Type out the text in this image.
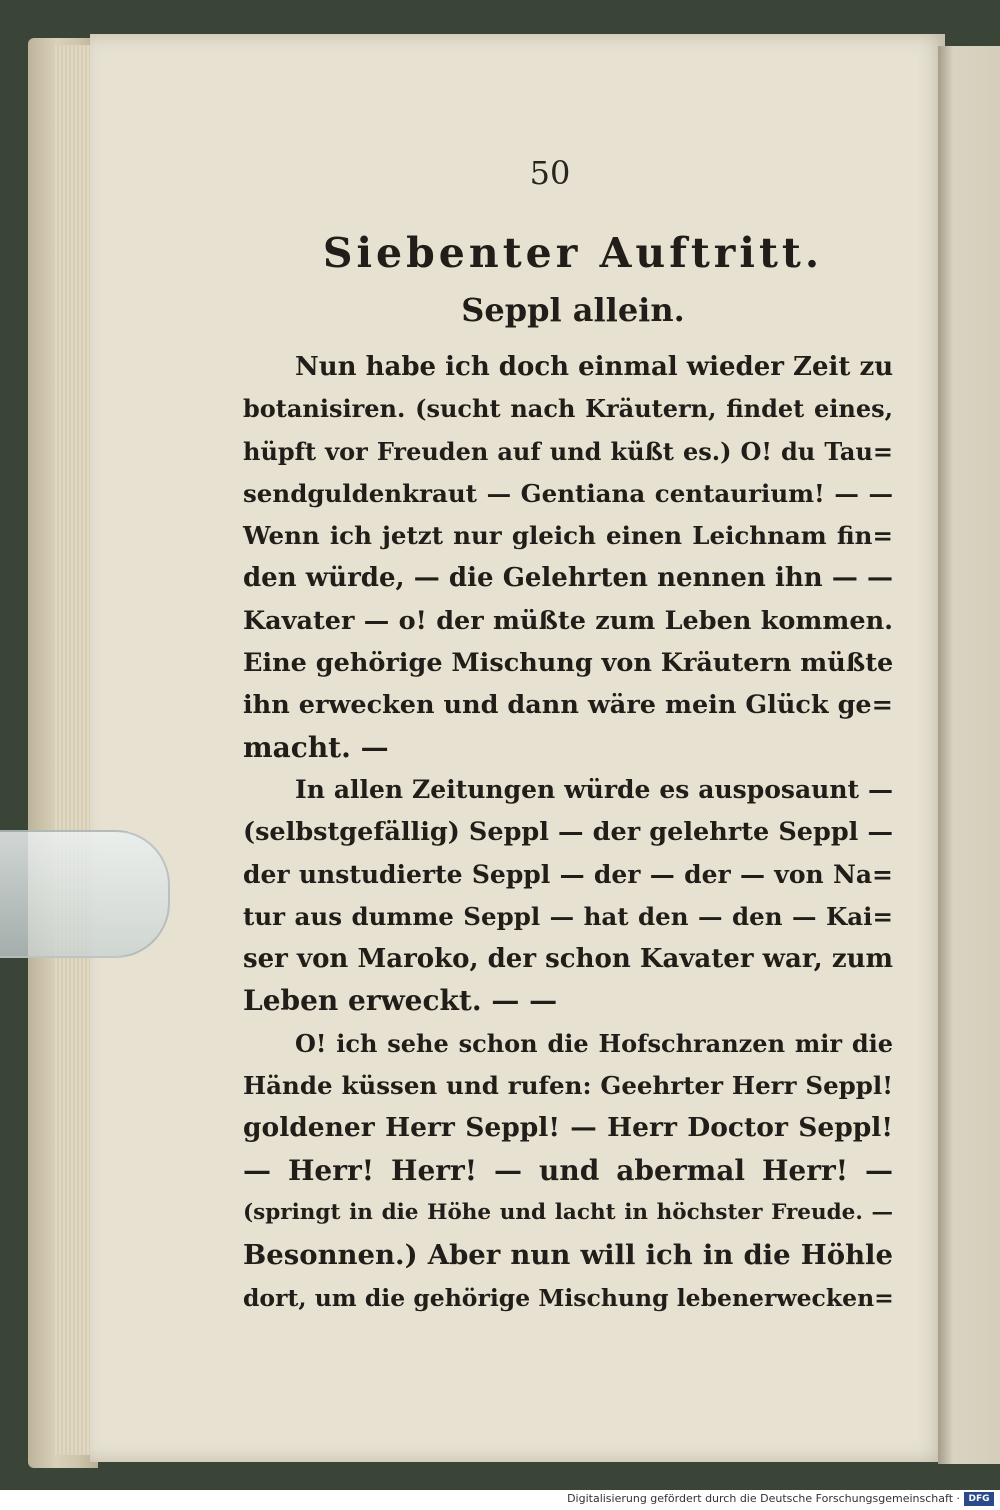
50
Siebenter Auftritt.
Seppl allein.
Nun habe ich doch einmal wieder Zeit zu
botanisiren. (sucht nach Kräutern, findet eines,
hüpft vor Freuden auf und küßt es.) O! du Tau=
sendguldenkraut — Gentiana centaurium! — —
Wenn ich jetzt nur gleich einen Leichnam fin=
den würde, — die Gelehrten nennen ihn — —
Kavater — o! der müßte zum Leben kommen.
Eine gehörige Mischung von Kräutern müßte
ihn erwecken und dann wäre mein Glück ge=
macht. —
In allen Zeitungen würde es ausposaunt —
(selbstgefällig) Seppl — der gelehrte Seppl —
der unstudierte Seppl — der — der — von Na=
tur aus dumme Seppl — hat den — den — Kai=
ser von Maroko, der schon Kavater war, zum
Leben erweckt. — —
O! ich sehe schon die Hofschranzen mir die
Hände küssen und rufen: Geehrter Herr Seppl!
goldener Herr Seppl! — Herr Doctor Seppl!
— Herr! Herr! — und abermal Herr! —
(springt in die Höhe und lacht in höchster Freude. —
Besonnen.) Aber nun will ich in die Höhle
dort, um die gehörige Mischung lebenerwecken=
Digitalisierung gefördert durch die Deutsche Forschungsgemeinschaft · DFG
